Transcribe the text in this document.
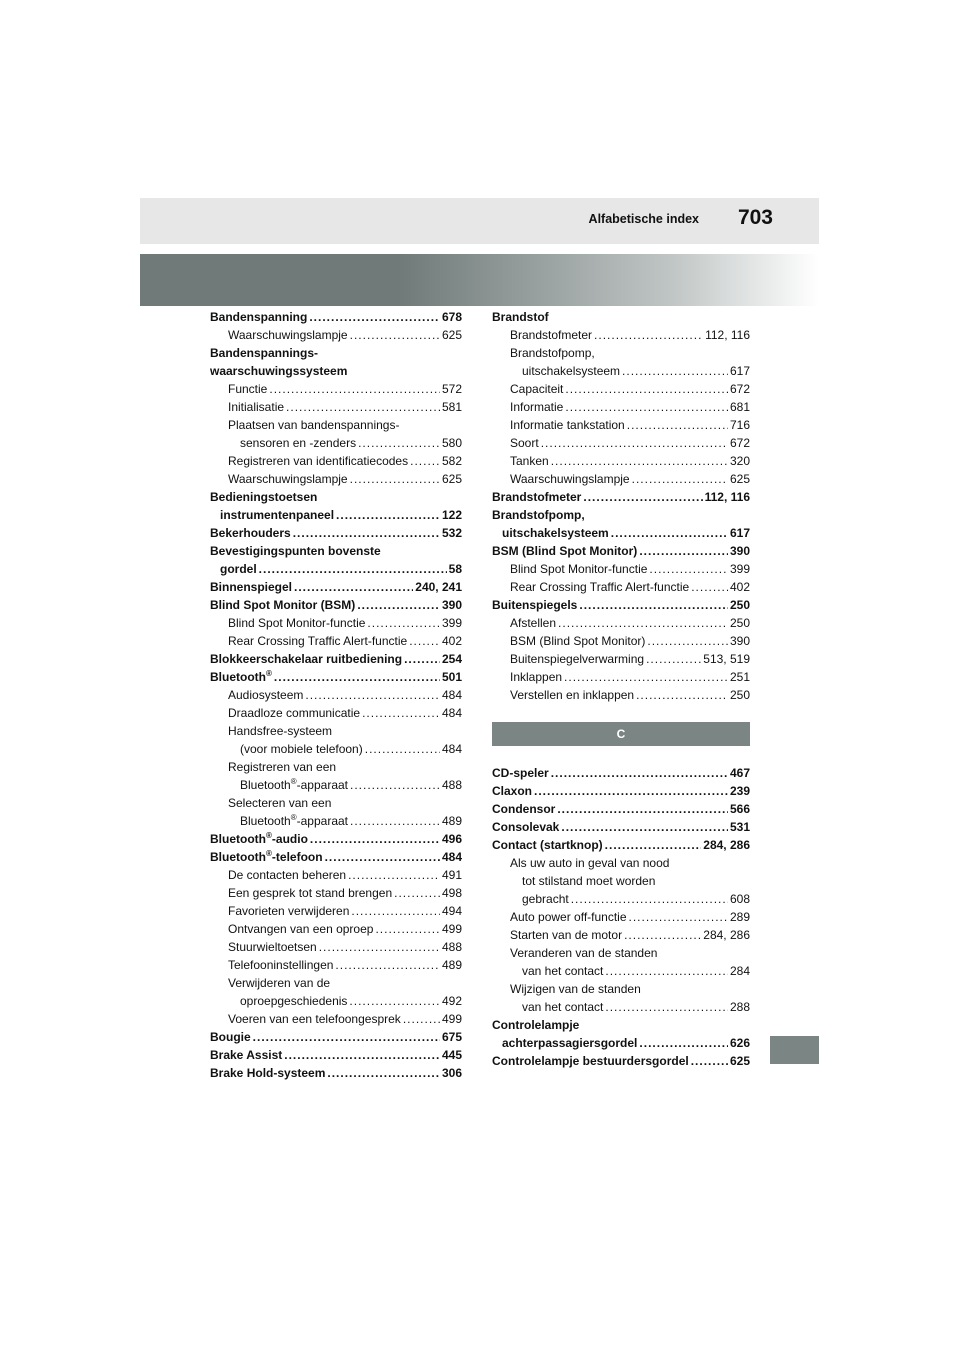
Alfabetische index 703
Bandenspanning .....	678
Waarschuwingslampje .....	625
Bandenspannings-
waarschuwingssysteem
Functie .....	572
Initialisatie .....	581
Plaatsen van bandenspannings-
sensoren en -zenders .....	580
Registreren van identificatiecodes .....	582
Waarschuwingslampje .....	625
Bedieningstoetsen
instrumentenpaneel .....	122
Bekerhouders .....	532
Bevestigingspunten bovenste
gordel .....	58
Binnenspiegel .....	240, 241
Blind Spot Monitor (BSM) .....	390
Blind Spot Monitor-functie .....	399
Rear Crossing Traffic Alert-functie .....	402
Blokkeerschakelaar ruitbediening .....	254
Bluetooth® .....	501
Audiosysteem .....	484
Draadloze communicatie .....	484
Handsfree-systeem
(voor mobiele telefoon) .....	484
Registreren van een
Bluetooth®-apparaat .....	488
Selecteren van een
Bluetooth®-apparaat .....	489
Bluetooth®-audio .....	496
Bluetooth®-telefoon .....	484
De contacten beheren .....	491
Een gesprek tot stand brengen .....	498
Favorieten verwijderen .....	494
Ontvangen van een oproep .....	499
Stuurwieltoetsen .....	488
Telefooninstellingen .....	489
Verwijderen van de
oproepgeschiedenis .....	492
Voeren van een telefoongesprek .....	499
Bougie .....	675
Brake Assist .....	445
Brake Hold-systeem .....	306
Brandstof
Brandstofmeter .....	112, 116
Brandstofpomp,
uitschakelsysteem .....	617
Capaciteit .....	672
Informatie .....	681
Informatie tankstation .....	716
Soort .....	672
Tanken .....	320
Waarschuwingslampje .....	625
Brandstofmeter .....	112, 116
Brandstofpomp,
uitschakelsysteem .....	617
BSM (Blind Spot Monitor) .....	390
Blind Spot Monitor-functie .....	399
Rear Crossing Traffic Alert-functie .....	402
Buitenspiegels .....	250
Afstellen .....	250
BSM (Blind Spot Monitor) .....	390
Buitenspiegelverwarming .....	513, 519
Inklappen .....	251
Verstellen en inklappen .....	250
C
CD-speler .....	467
Claxon .....	239
Condensor .....	566
Consolevak .....	531
Contact (startknop) .....	284, 286
Als uw auto in geval van nood
tot stilstand moet worden
gebracht .....	608
Auto power off-functie .....	289
Starten van de motor .....	284, 286
Veranderen van de standen
van het contact .....	284
Wijzigen van de standen
van het contact .....	288
Controlelampje
achterpassagiersgordel .....	626
Controlelampje bestuurdersgordel .....	625
